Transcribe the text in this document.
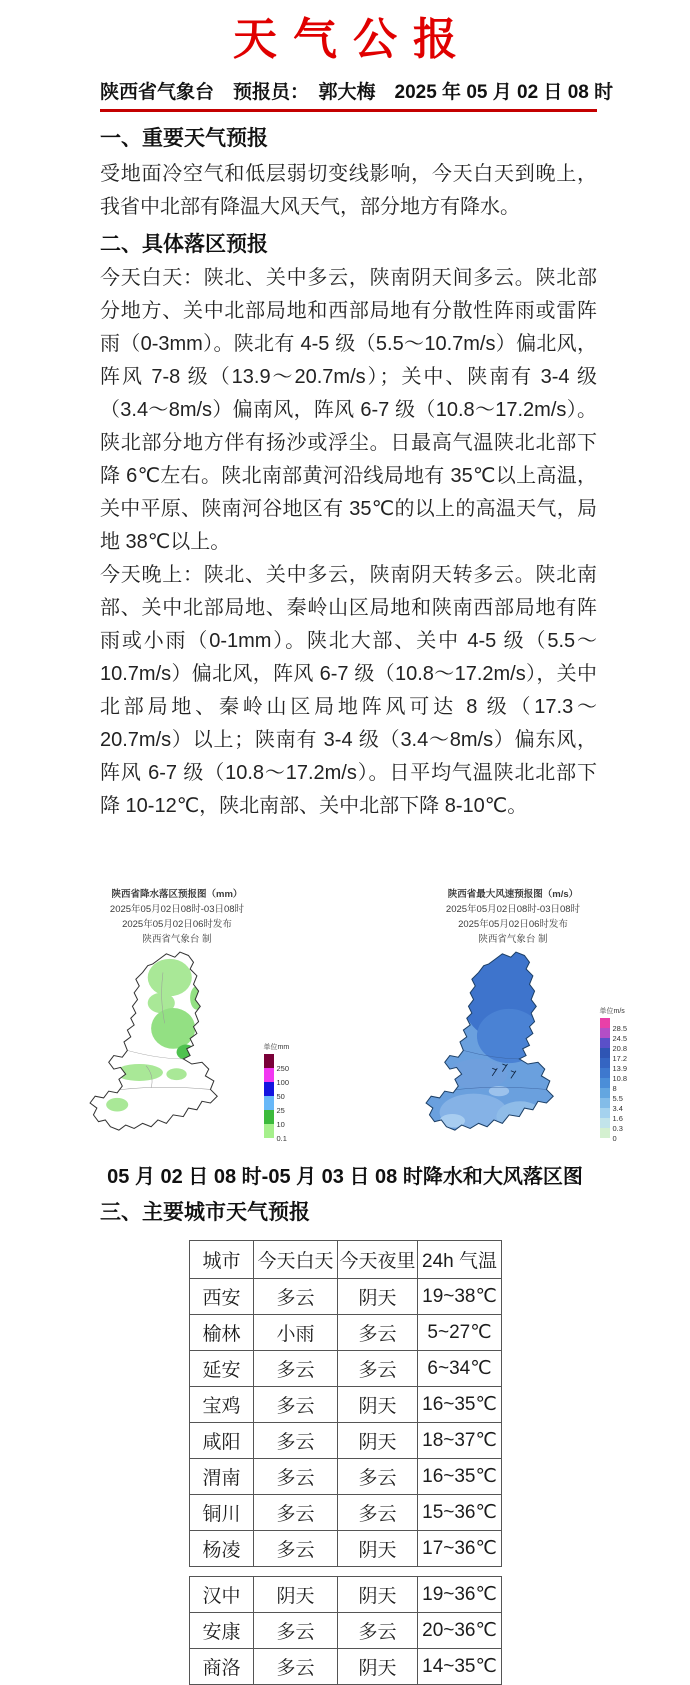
天气公报
陕西省气象台　预报员：　郭大梅　2025 年 05 月 02 日 08 时
一、重要天气预报

受地面冷空气和低层弱切变线影响，今天白天到晚上，我省中北部有降温大风天气，部分地方有降水。

二、具体落区预报

今天白天：陕北、关中多云，陕南阴天间多云。陕北部分地方、关中北部局地和西部局地有分散性阵雨或雷阵雨（0-3mm）。陕北有 4-5 级（5.5～10.7m/s）偏北风，阵风 7-8 级（13.9～20.7m/s）；关中、陕南有 3-4 级（3.4～8m/s）偏南风，阵风 6-7 级（10.8～17.2m/s）。陕北部分地方伴有扬沙或浮尘。日最高气温陕北北部下降 6℃左右。陕北南部黄河沿线局地有 35℃以上高温，关中平原、陕南河谷地区有 35℃的以上的高温天气，局地 38℃以上。

今天晚上：陕北、关中多云，陕南阴天转多云。陕北南部、关中北部局地、秦岭山区局地和陕南西部局地有阵雨或小雨（0-1mm）。陕北大部、关中 4-5 级（5.5～10.7m/s）偏北风，阵风 6-7 级（10.8～17.2m/s），关中北部局地、秦岭山区局地阵风可达 8 级（17.3～20.7m/s）以上；陕南有 3-4 级（3.4～8m/s）偏东风，阵风 6-7 级（10.8～17.2m/s）。日平均气温陕北北部下降 10-12℃，陕北南部、关中北部下降 8-10℃。

陕西省降水落区预报图（mm）
2025年05月02日08时-03日08时
2025年05月02日06时发布
陕西省气象台 制
单位mm
250
100
50
25
10
0.1
陕西省最大风速预报图（m/s）
2025年05月02日08时-03日08时
2025年05月02日06时发布
陕西省气象台 制
单位m/s
28.5
24.5
20.8
17.2
13.9
10.8
8
5.5
3.4
1.6
0.3
0
05 月 02 日 08 时-05 月 03 日 08 时降水和大风落区图
三、主要城市天气预报
城市	今天白天	今天夜里	24h 气温
西安	多云	阴天	19~38℃
榆林	小雨	多云	5~27℃
延安	多云	多云	6~34℃
宝鸡	多云	阴天	16~35℃
咸阳	多云	阴天	18~37℃
渭南	多云	多云	16~35℃
铜川	多云	多云	15~36℃
杨凌	多云	阴天	17~36℃
汉中	阴天	阴天	19~36℃
安康	多云	多云	20~36℃
商洛	多云	阴天	14~35℃
